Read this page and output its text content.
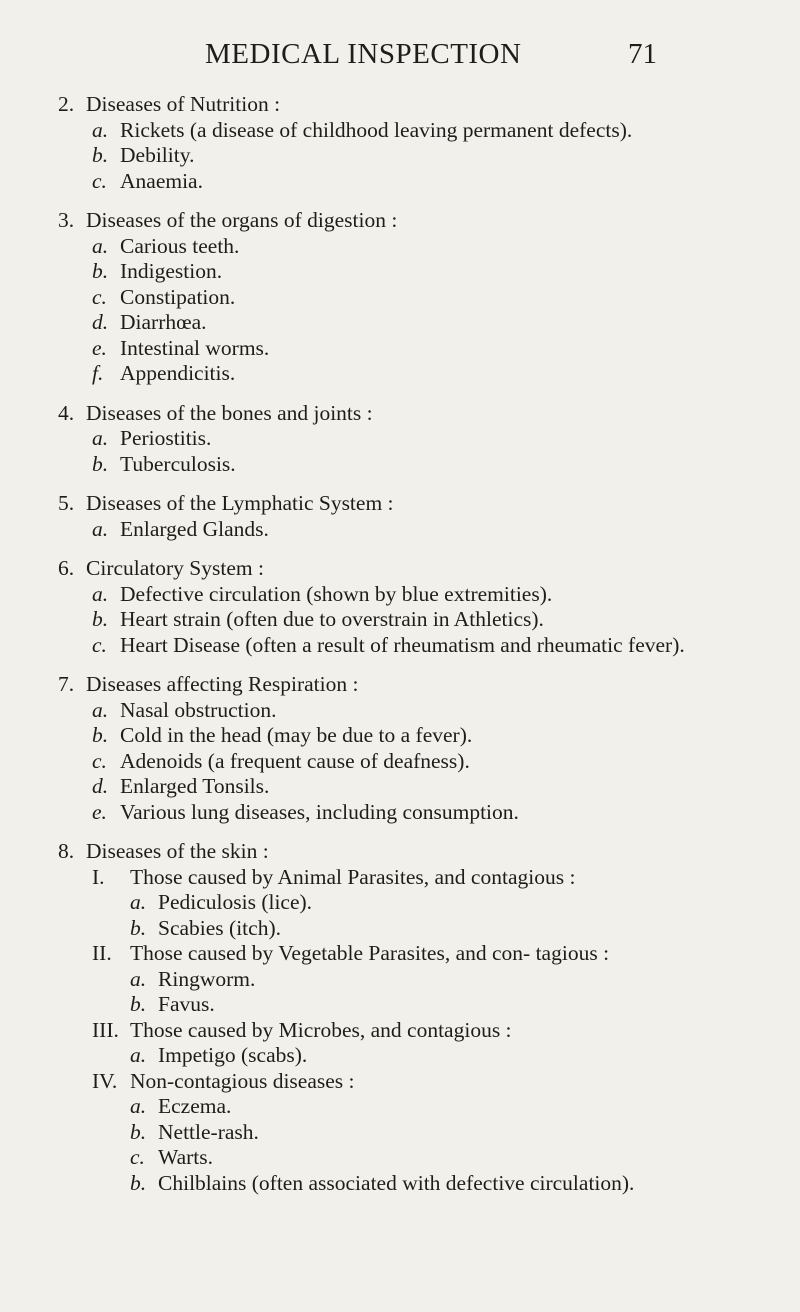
MEDICAL INSPECTION	71
2. Diseases of Nutrition :
a. Rickets (a disease of childhood leaving permanent defects).
b. Debility.
c. Anaemia.
3. Diseases of the organs of digestion :
a. Carious teeth.
b. Indigestion.
c. Constipation.
d. Diarrhœa.
e. Intestinal worms.
f. Appendicitis.
4. Diseases of the bones and joints :
a. Periostitis.
b. Tuberculosis.
5. Diseases of the Lymphatic System :
a. Enlarged Glands.
6. Circulatory System :
a. Defective circulation (shown by blue extremities).
b. Heart strain (often due to overstrain in Athletics).
c. Heart Disease (often a result of rheumatism and rheumatic fever).
7. Diseases affecting Respiration :
a. Nasal obstruction.
b. Cold in the head (may be due to a fever).
c. Adenoids (a frequent cause of deafness).
d. Enlarged Tonsils.
e. Various lung diseases, including consumption.
8. Diseases of the skin :
I.	Those caused by Animal Parasites, and contagious :
a. Pediculosis (lice).
b. Scabies (itch).
II. Those caused by Vegetable Parasites, and con- tagious :
a. Ringworm.
b. Favus.
III. Those caused by Microbes, and contagious :
a. Impetigo (scabs).
IV. Non-contagious diseases :
a. Eczema.
b. Nettle-rash.
c. Warts.
b. Chilblains (often associated with defective circulation).
